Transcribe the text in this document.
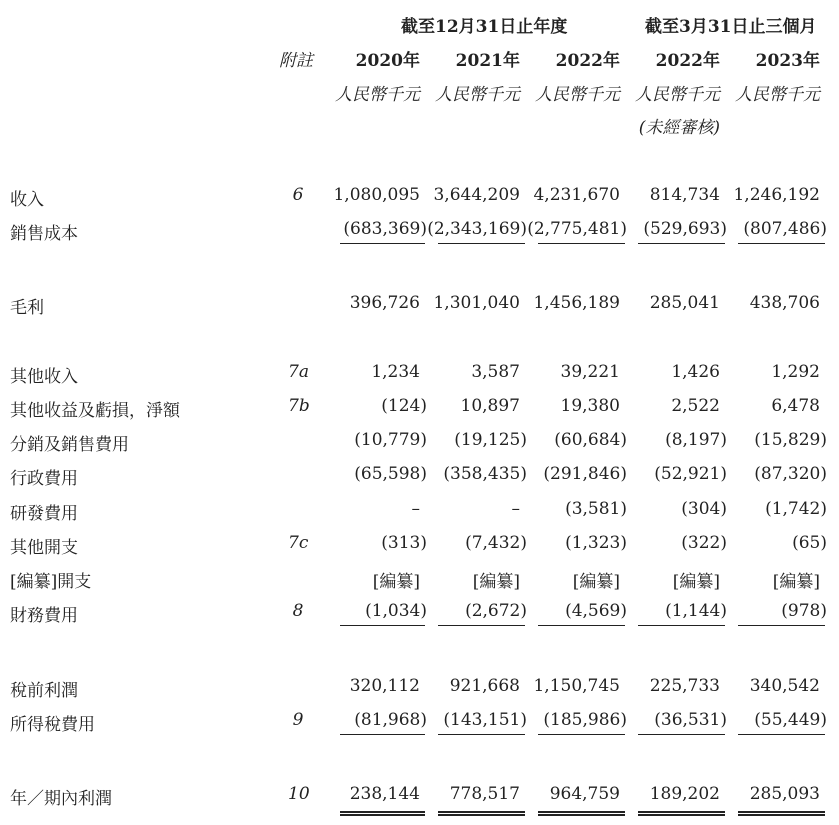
截至12月31日止年度	截至3月31日止三個月
附註	2020年	2021年	2022年	2022年	2023年
人民幣千元 人民幣千元 人民幣千元 人民幣千元 人民幣千元
(未經審核)
收入	6	1,080,095 3,644,209 4,231,670	814,734 1,246,192
銷售成本	(683,369) (2,343,169) (2,775,481) (529,693) (807,486)
毛利	396,726 1,301,040 1,456,189	285,041	438,706
其他收入	7a	1,234	3,587	39,221	1,426	1,292
其他收益及虧損，淨額	7b	(124)	10,897	19,380	2,522	6,478
分銷及銷售費用	(10,779)	(19,125)	(60,684)	(8,197)	(15,829)
行政費用	(65,598) (358,435) (291,846)	(52,921)	(87,320)
研發費用	–	–	(3,581)	(304)	(1,742)
其他開支	7c	(313)	(7,432)	(1,323)	(322)	(65)
[編纂]開支	[編纂]	[編纂]	[編纂]	[編纂]	[編纂]
財務費用	8	(1,034)	(2,672)	(4,569)	(1,144)	(978)
稅前利潤	320,112	921,668 1,150,745	225,733	340,542
所得稅費用	9	(81,968) (143,151) (185,986)	(36,531)	(55,449)
年／期內利潤	10	238,144	778,517	964,759	189,202	285,093
